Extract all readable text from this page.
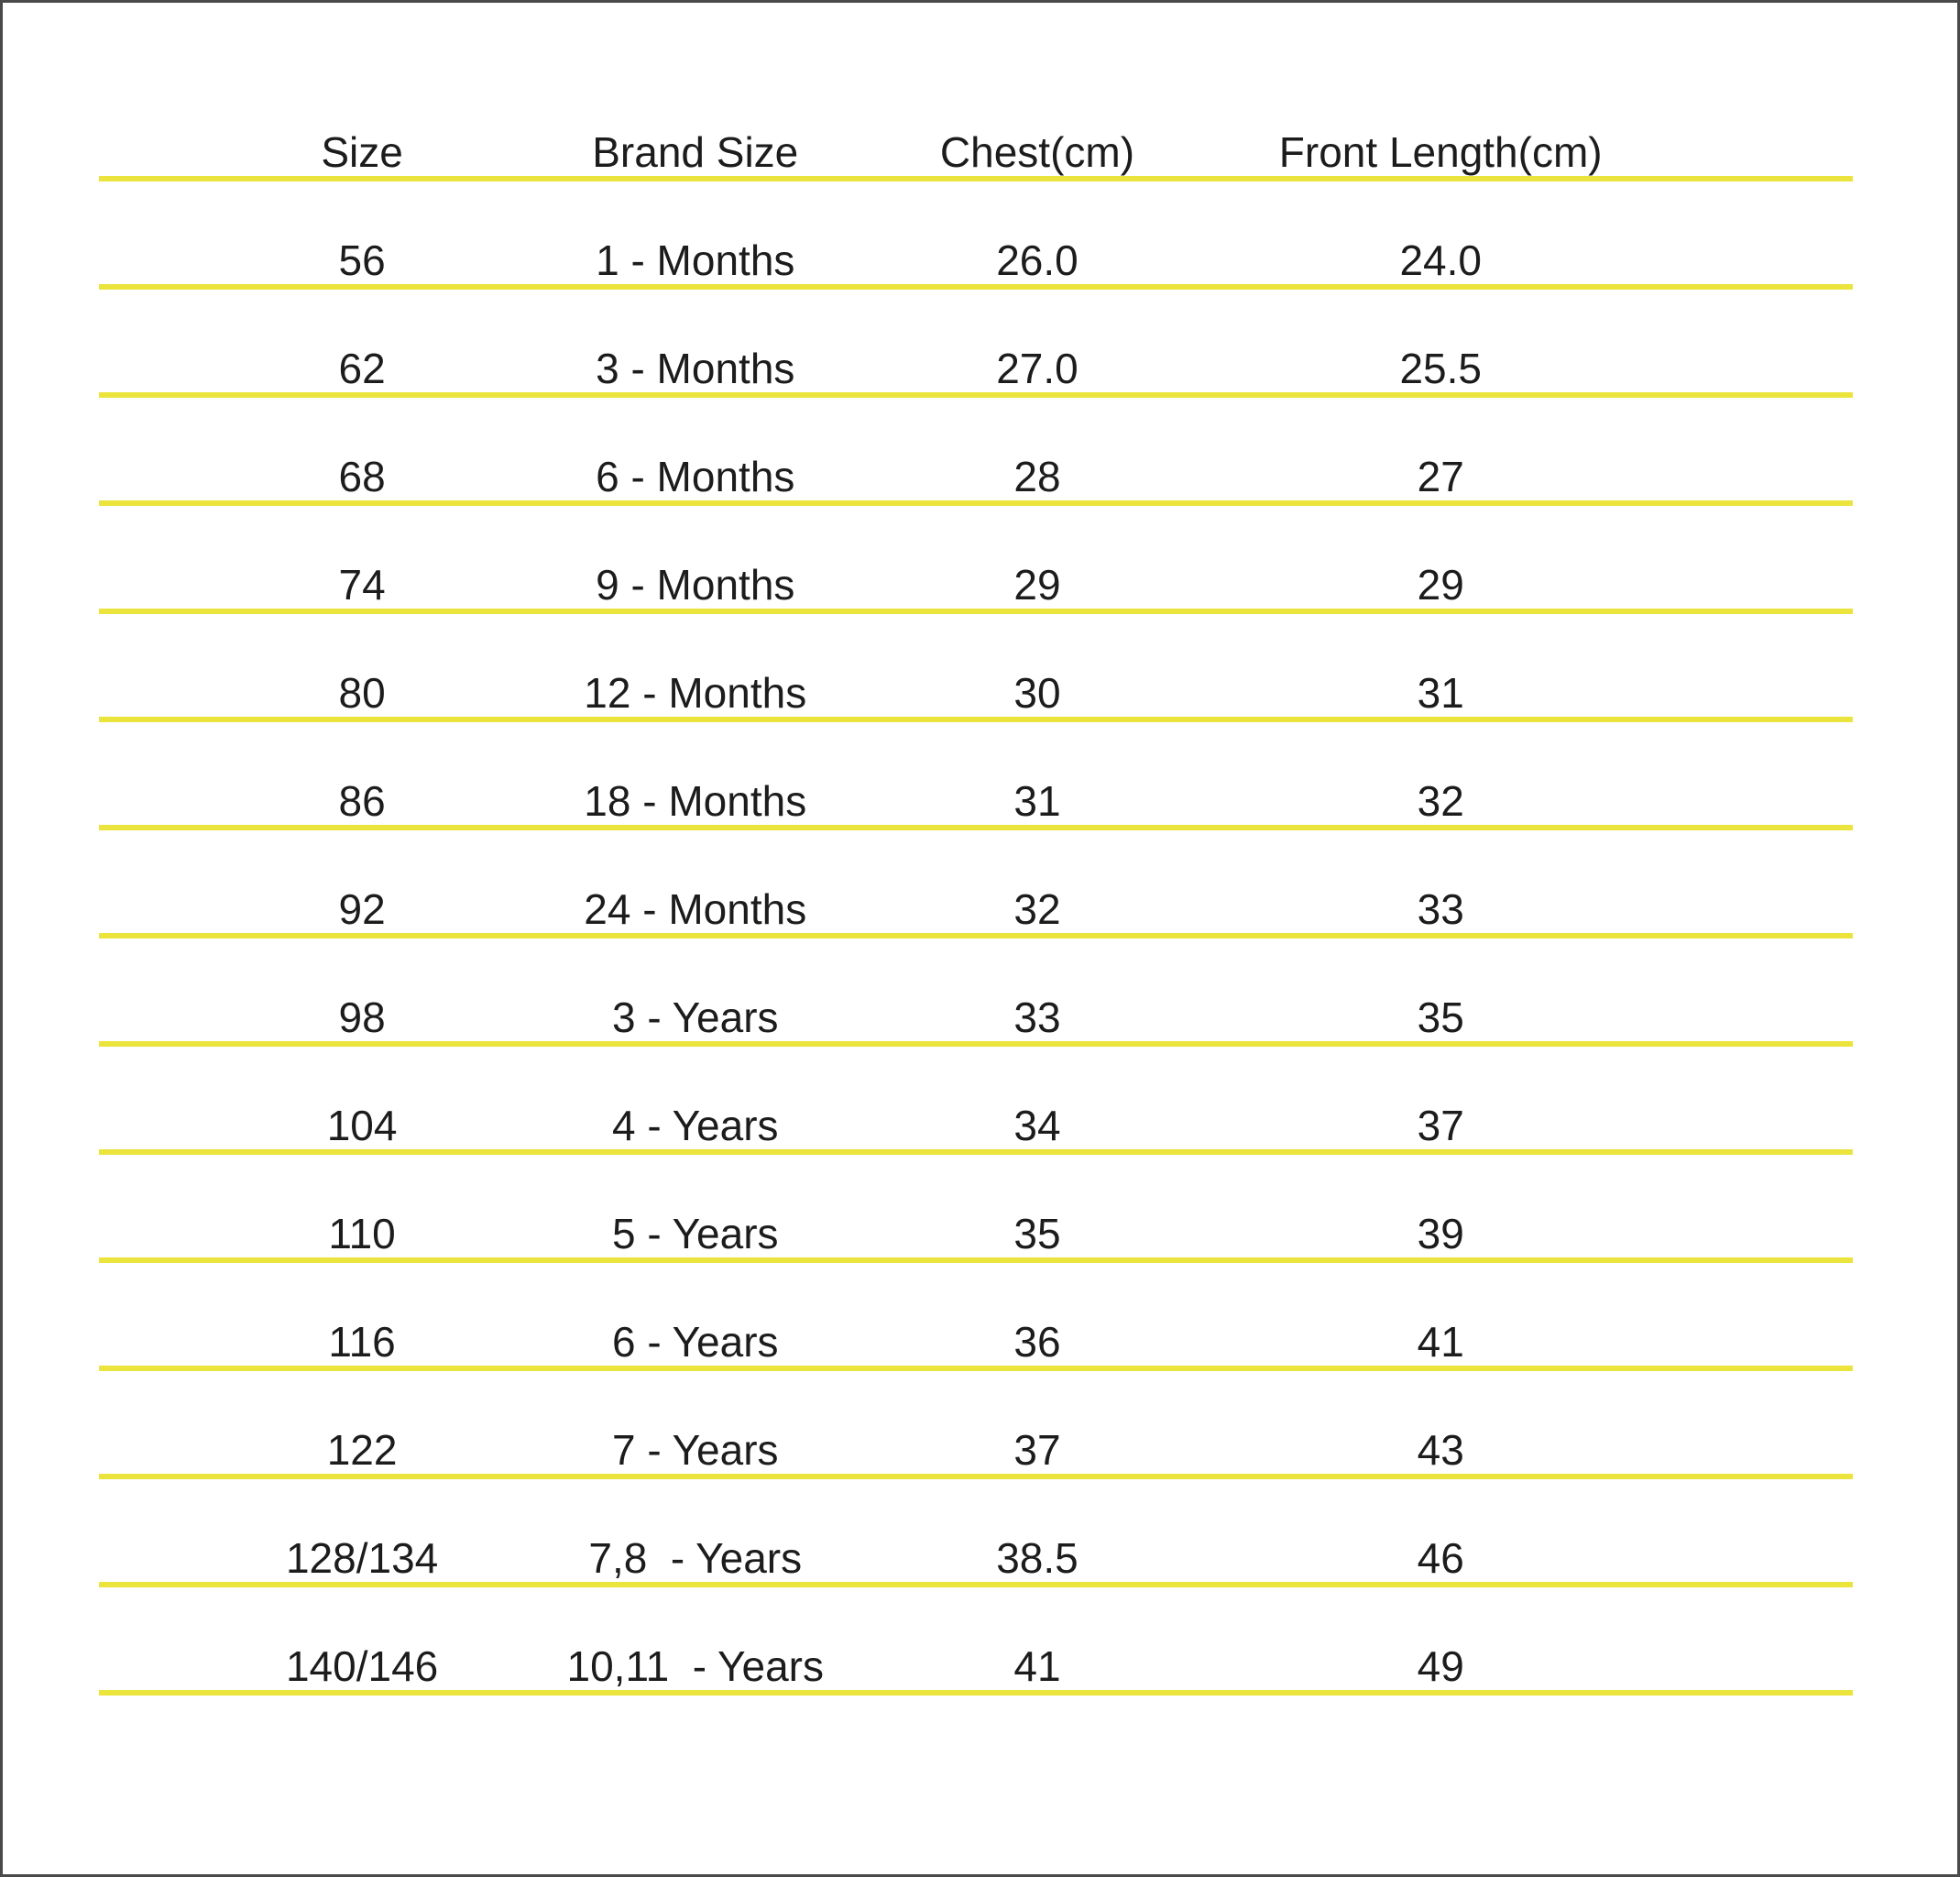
Size	Brand Size	Chest(cm)	Front Length(cm)
56	1 - Months	26.0	24.0
62	3 - Months	27.0	25.5
68	6 - Months	28	27
74	9 - Months	29	29
80	12 - Months	30	31
86	18 - Months	31	32
92	24 - Months	32	33
98	3 - Years	33	35
104	4 - Years	34	37
110	5 - Years	35	39
116	6 - Years	36	41
122	7 - Years	37	43
128/134	7,8  - Years	38.5	46
140/146	10,11  - Years	41	49
